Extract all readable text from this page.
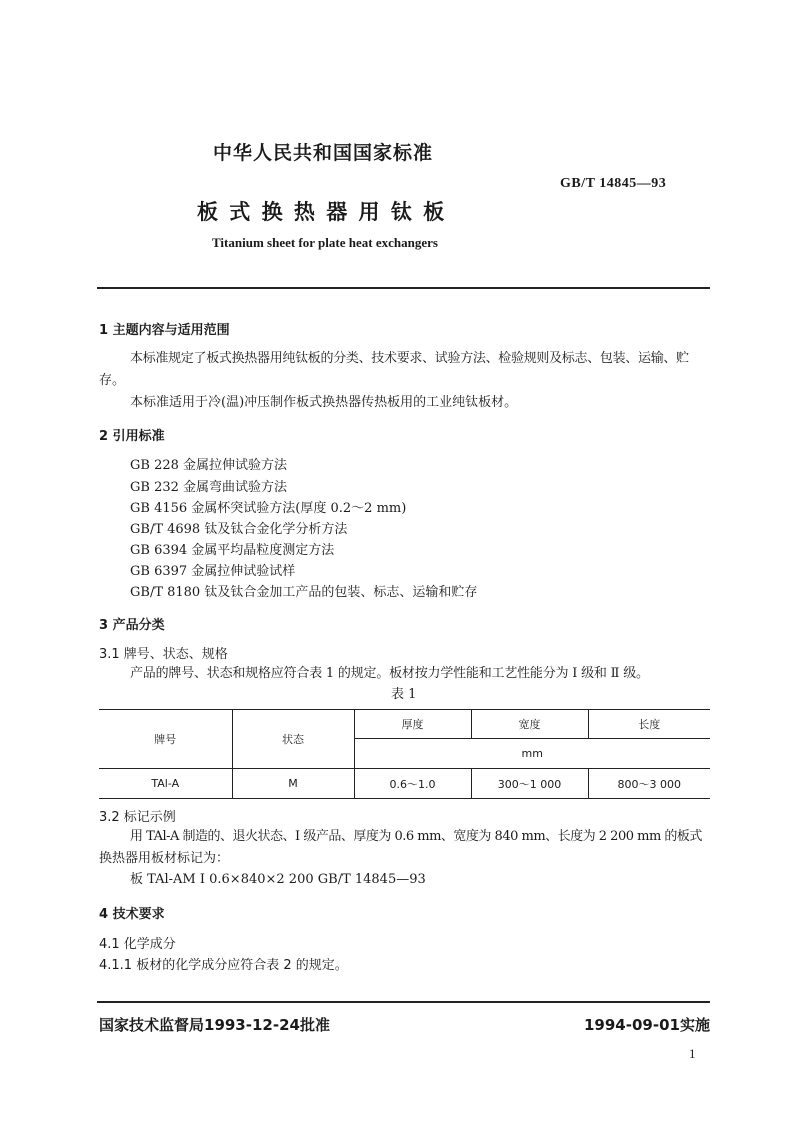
中华人民共和国国家标准
GB/T 14845—93
板 式 换 热 器 用 钛 板
Titanium sheet for plate heat exchangers
1 主题内容与适用范围
本标准规定了板式换热器用纯钛板的分类、技术要求、试验方法、检验规则及标志、包装、运输、贮
存。
本标准适用于冷(温)冲压制作板式换热器传热板用的工业纯钛板材。
2 引用标准
GB 228 金属拉伸试验方法
GB 232 金属弯曲试验方法
GB 4156 金属杯突试验方法(厚度 0.2～2 mm)
GB/T 4698 钛及钛合金化学分析方法
GB 6394 金属平均晶粒度测定方法
GB 6397 金属拉伸试验试样
GB/T 8180 钛及钛合金加工产品的包装、标志、运输和贮存
3 产品分类
3.1 牌号、状态、规格
产品的牌号、状态和规格应符合表 1 的规定。板材按力学性能和工艺性能分为 Ⅰ 级和 Ⅱ 级。
表 1
牌号	状态	厚度	宽度	长度
		mm		
TAl-A	M	0.6～1.0	300～1 000	800～3 000
3.2 标记示例
用 TAl-A 制造的、退火状态、Ⅰ 级产品、厚度为 0.6 mm、宽度为 840 mm、长度为 2 200 mm 的板式
换热器用板材标记为：
板 TAl-AM Ⅰ 0.6×840×2 200 GB/T 14845—93
4 技术要求
4.1 化学成分
4.1.1 板材的化学成分应符合表 2 的规定。
国家技术监督局1993-12-24批准	1994-09-01实施
1
